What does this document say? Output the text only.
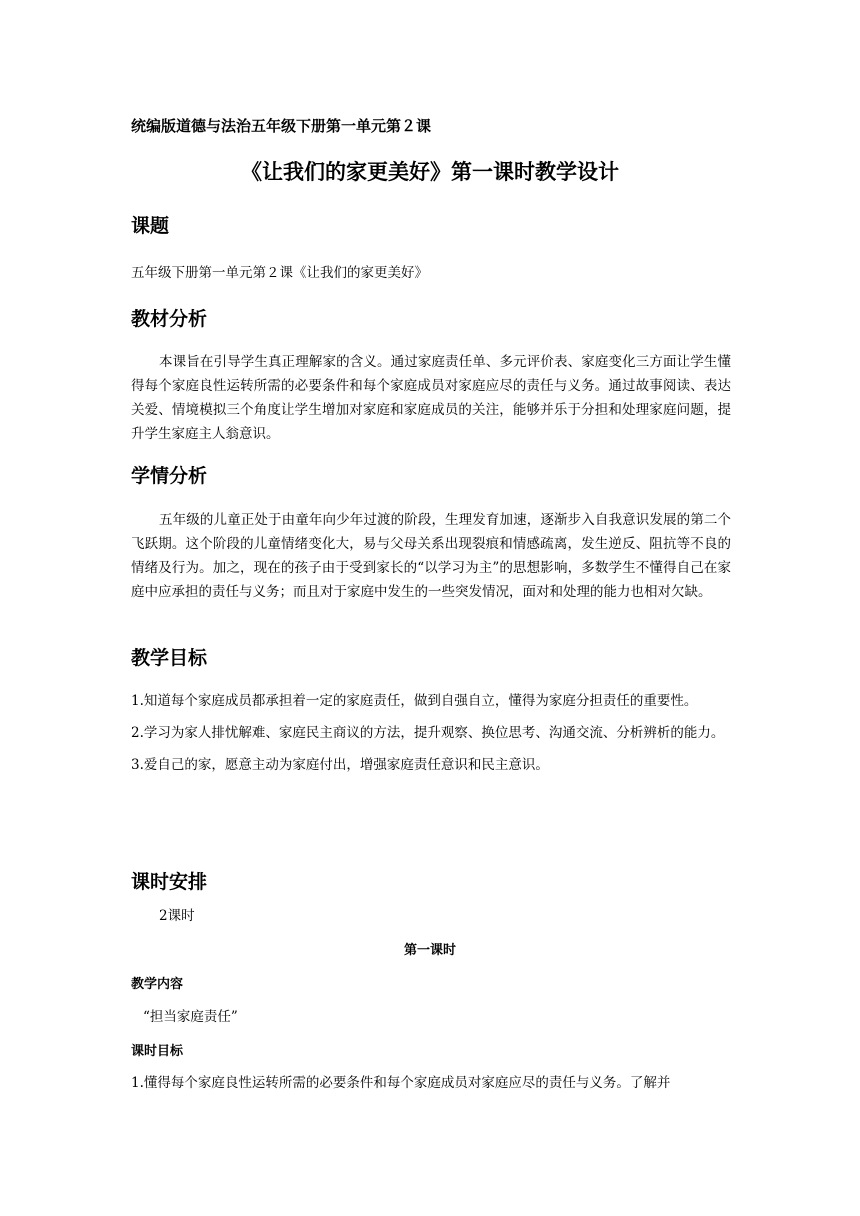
统编版道德与法治五年级下册第一单元第２课

《让我们的家更美好》第一课时教学设计

课题

五年级下册第一单元第２课《让我们的家更美好》

教材分析

本课旨在引导学生真正理解家的含义。通过家庭责任单、多元评价表、家庭变化三方面让学生懂得每个家庭良性运转所需的必要条件和每个家庭成员对家庭应尽的责任与义务。通过故事阅读、表达关爱、情境模拟三个角度让学生增加对家庭和家庭成员的关注，能够并乐于分担和处理家庭问题，提升学生家庭主人翁意识。

学情分析

五年级的儿童正处于由童年向少年过渡的阶段，生理发育加速，逐渐步入自我意识发展的第二个飞跃期。这个阶段的儿童情绪变化大，易与父母关系出现裂痕和情感疏离，发生逆反、阻抗等不良的情绪及行为。加之，现在的孩子由于受到家长的“以学习为主”的思想影响，多数学生不懂得自己在家庭中应承担的责任与义务；而且对于家庭中发生的一些突发情况，面对和处理的能力也相对欠缺。

教学目标

1.知道每个家庭成员都承担着一定的家庭责任，做到自强自立，懂得为家庭分担责任的重要性。
2.学习为家人排忧解难、家庭民主商议的方法，提升观察、换位思考、沟通交流、分析辨析的能力。
3.爱自己的家，愿意主动为家庭付出，增强家庭责任意识和民主意识。

课时安排

2课时

第一课时

教学内容

“担当家庭责任”

课时目标

1.懂得每个家庭良性运转所需的必要条件和每个家庭成员对家庭应尽的责任与义务。了解并
